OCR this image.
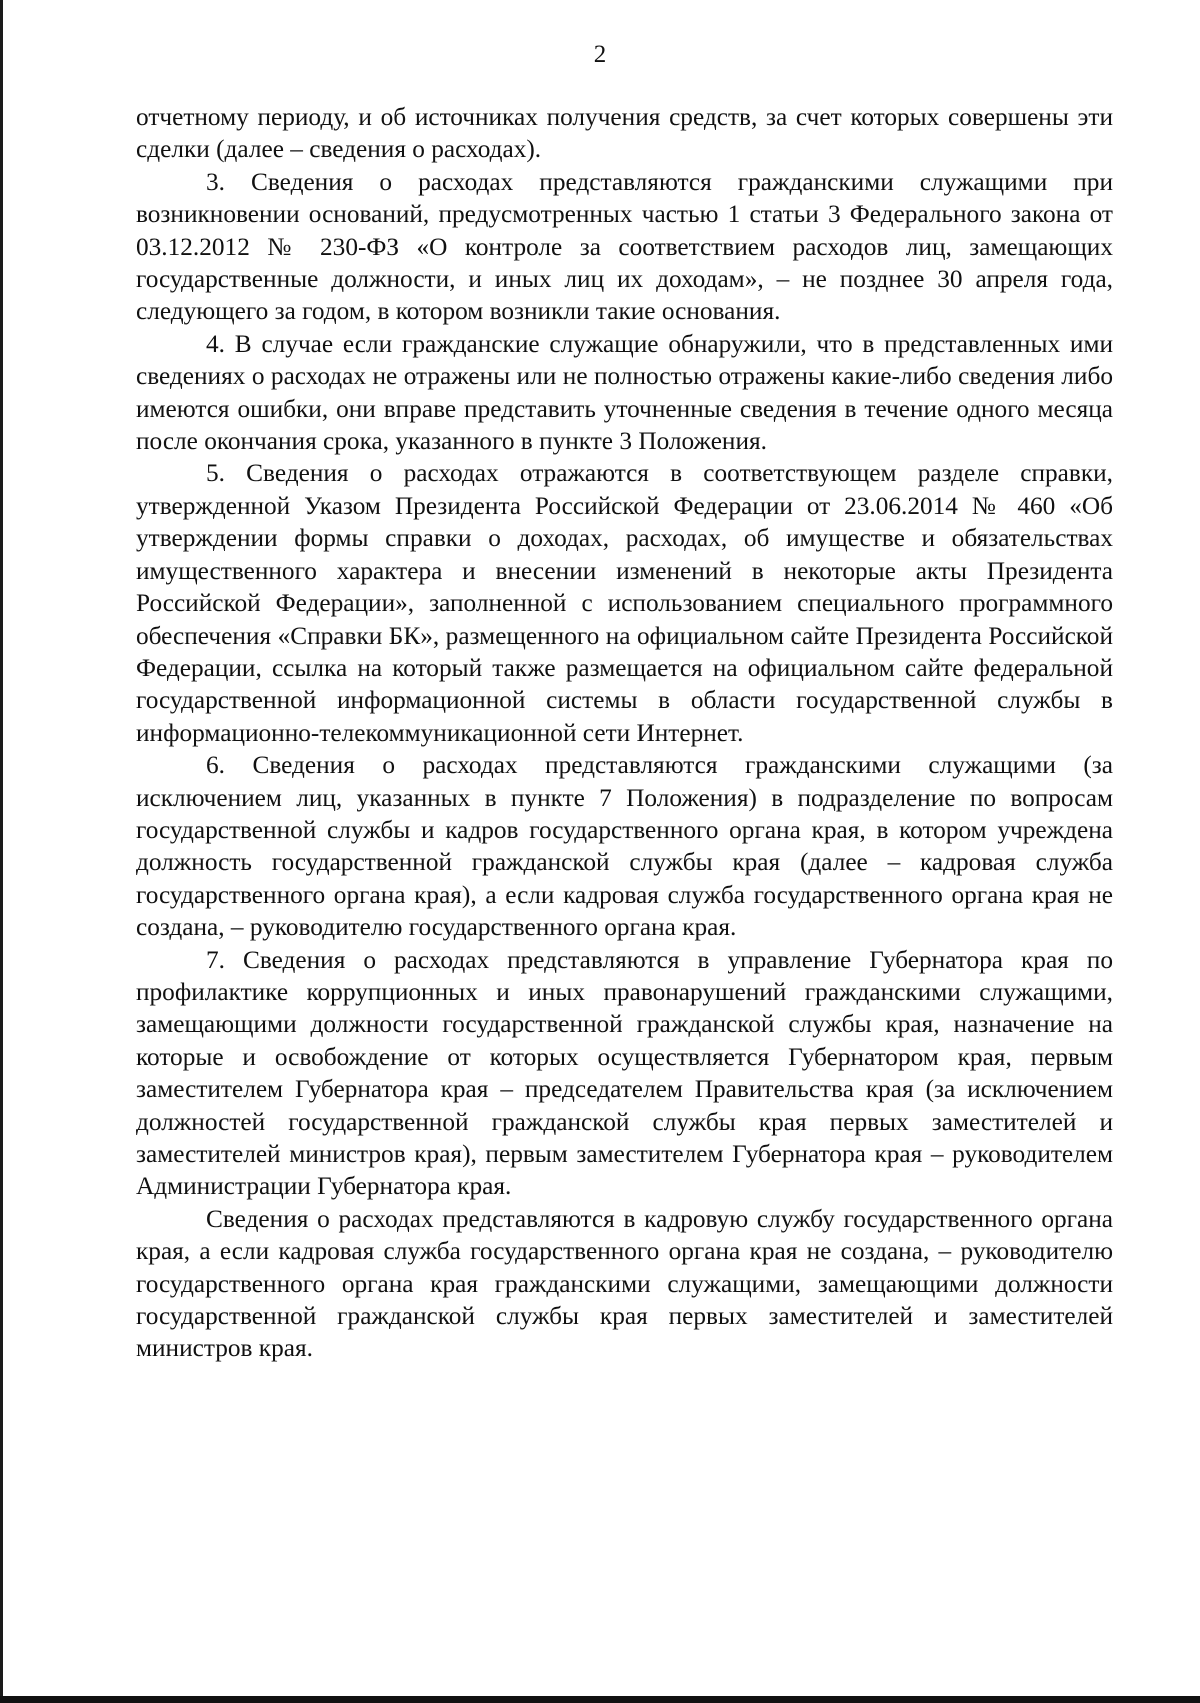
2

отчетному периоду, и об источниках получения средств, за счет которых совершены эти сделки (далее – сведения о расходах).

3. Сведения о расходах представляются гражданскими служащими при возникновении оснований, предусмотренных частью 1 статьи 3 Федерального закона от 03.12.2012 № 230-ФЗ «О контроле за соответствием расходов лиц, замещающих государственные должности, и иных лиц их доходам», – не позднее 30 апреля года, следующего за годом, в котором возникли такие основания.

4. В случае если гражданские служащие обнаружили, что в представленных ими сведениях о расходах не отражены или не полностью отражены какие-либо сведения либо имеются ошибки, они вправе представить уточненные сведения в течение одного месяца после окончания срока, указанного в пункте 3 Положения.

5. Сведения о расходах отражаются в соответствующем разделе справки, утвержденной Указом Президента Российской Федерации от 23.06.2014 № 460 «Об утверждении формы справки о доходах, расходах, об имуществе и обязательствах имущественного характера и внесении изменений в некоторые акты Президента Российской Федерации», заполненной с использованием специального программного обеспечения «Справки БК», размещенного на официальном сайте Президента Российской Федерации, ссылка на который также размещается на официальном сайте федеральной государственной информационной системы в области государственной службы в информационно-телекоммуникационной сети Интернет.

6. Сведения о расходах представляются гражданскими служащими (за исключением лиц, указанных в пункте 7 Положения) в подразделение по вопросам государственной службы и кадров государственного органа края, в котором учреждена должность государственной гражданской службы края (далее – кадровая служба государственного органа края), а если кадровая служба государственного органа края не создана, – руководителю государственного органа края.

7. Сведения о расходах представляются в управление Губернатора края по профилактике коррупционных и иных правонарушений гражданскими служащими, замещающими должности государственной гражданской службы края, назначение на которые и освобождение от которых осуществляется Губернатором края, первым заместителем Губернатора края – председателем Правительства края (за исключением должностей государственной гражданской службы края первых заместителей и заместителей министров края), первым заместителем Губернатора края – руководителем Администрации Губернатора края.

Сведения о расходах представляются в кадровую службу государственного органа края, а если кадровая служба государственного органа края не создана, – руководителю государственного органа края гражданскими служащими, замещающими должности государственной гражданской службы края первых заместителей и заместителей министров края.
